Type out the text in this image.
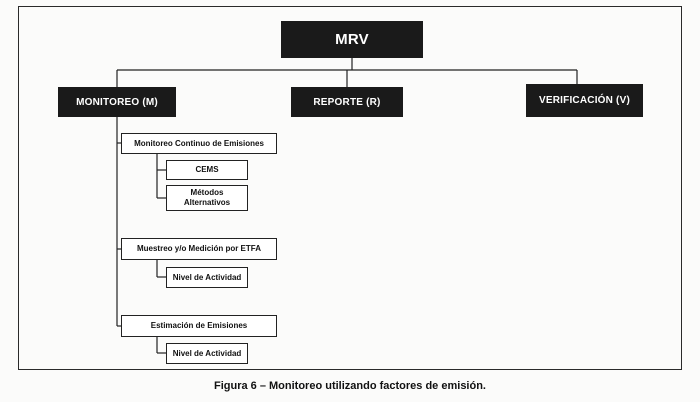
MRV
MONITOREO (M)	REPORTE (R)	VERIFICACIÓN (V)
Monitoreo Continuo de Emisiones
CEMS
Métodos Alternativos
Muestreo y/o Medición por ETFA
Nivel de Actividad
Estimación de Emisiones
Nivel de Actividad
Figura 6 – Monitoreo utilizando factores de emisión.
